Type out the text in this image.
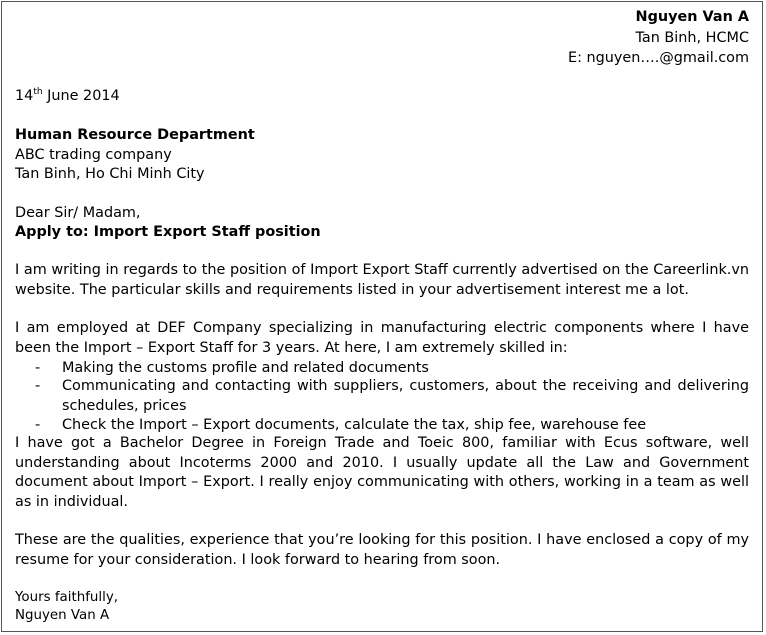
Nguyen Van A

Tan Binh, HCMC

E: nguyen….@gmail.com

14th June 2014

Human Resource Department

ABC trading company

Tan Binh, Ho Chi Minh City

Dear Sir/ Madam,

Apply to: Import Export Staff position

I am writing in regards to the position of Import Export Staff currently advertised on the Careerlink.vn website. The particular skills and requirements listed in your advertisement interest me a lot.

I am employed at DEF Company specializing in manufacturing electric components where I have been the Import – Export Staff for 3 years. At here, I am extremely skilled in:

- Making the customs profile and related documents

- Communicating and contacting with suppliers, customers, about the receiving and delivering schedules, prices

- Check the Import – Export documents, calculate the tax, ship fee, warehouse fee

I have got a Bachelor Degree in Foreign Trade and Toeic 800, familiar with Ecus software, well understanding about Incoterms 2000 and 2010. I usually update all the Law and Government document about Import – Export. I really enjoy communicating with others, working in a team as well as in individual.

These are the qualities, experience that you’re looking for this position. I have enclosed a copy of my resume for your consideration. I look forward to hearing from soon.

Yours faithfully,

Nguyen Van A
